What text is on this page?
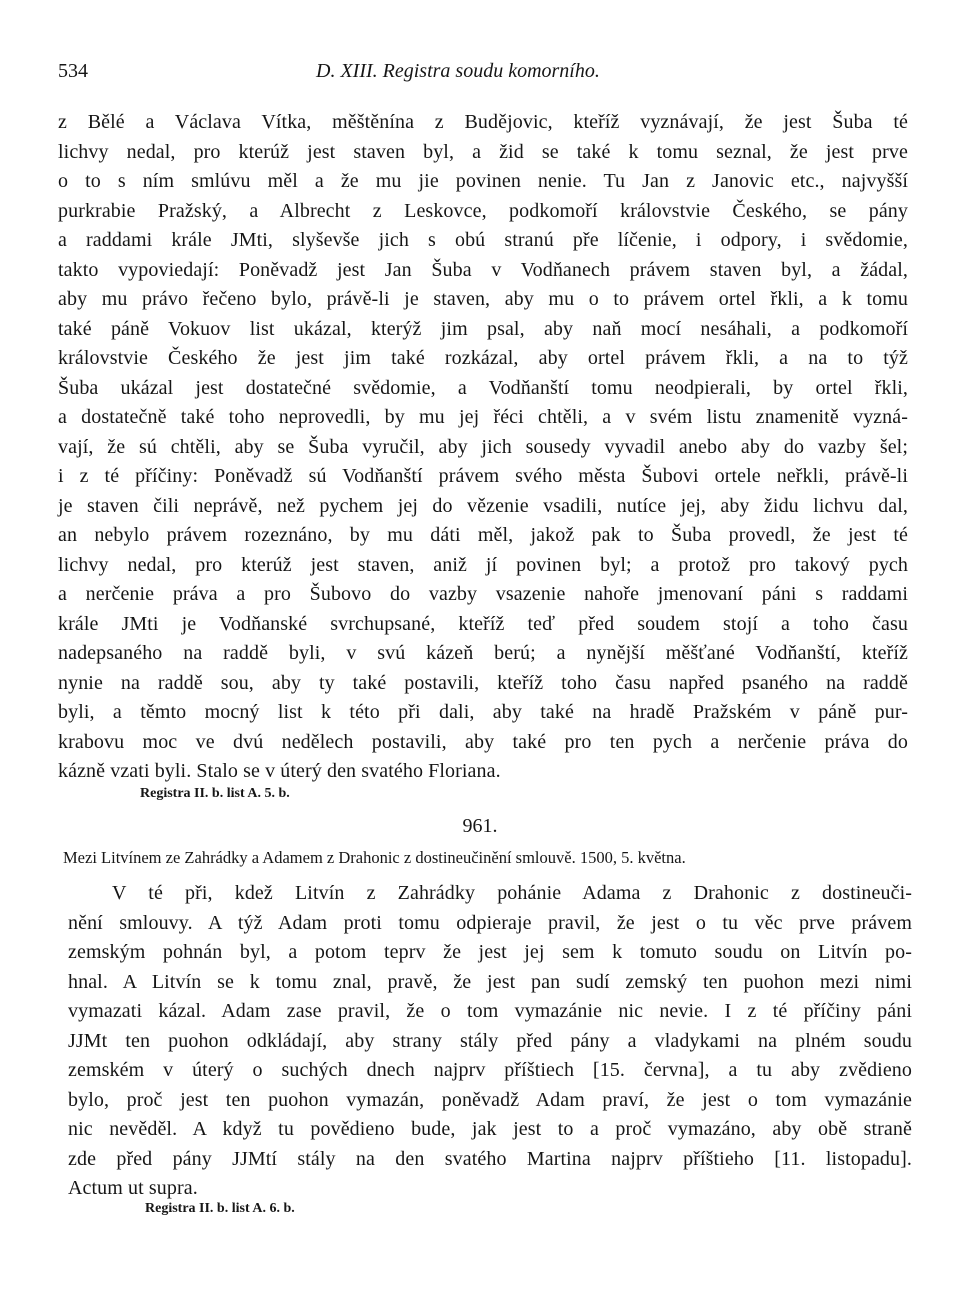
534	D. XIII. Registra soudu komorního.
z Bělé a Václava Vítka, měštěnína z Budějovic, kteříž vyznávají, že jest Šuba té
lichvy nedal, pro kterúž jest staven byl, a žid se také k tomu seznal, že jest prve
o to s ním smlúvu měl a že mu jie povinen nenie. Tu Jan z Janovic etc., najvyšší
purkrabie Pražský, a Albrecht z Leskovce, podkomoří královstvie Českého, se pány
a raddami krále JMti, slyševše jich s obú stranú pře líčenie, i odpory, i svědomie,
takto vypoviedají: Poněvadž jest Jan Šuba v Vodňanech právem staven byl, a žádal,
aby mu právo řečeno bylo, právě-li je staven, aby mu o to právem ortel řkli, a k tomu
také páně Vokuov list ukázal, kterýž jim psal, aby naň mocí nesáhali, a podkomoří
královstvie Českého že jest jim také rozkázal, aby ortel právem řkli, a na to týž
Šuba ukázal jest dostatečné svědomie, a Vodňanští tomu neodpierali, by ortel řkli,
a dostatečně také toho neprovedli, by mu jej řéci chtěli, a v svém listu znamenitě vyzná-
vají, že sú chtěli, aby se Šuba vyručil, aby jich sousedy vyvadil anebo aby do vazby šel;
i z té příčiny: Poněvadž sú Vodňanští právem svého města Šubovi ortele neřkli, právě-li
je staven čili neprávě, než pychem jej do vězenie vsadili, nutíce jej, aby židu lichvu dal,
an nebylo právem rozeznáno, by mu dáti měl, jakož pak to Šuba provedl, že jest té
lichvy nedal, pro kterúž jest staven, aniž jí povinen byl; a protož pro takový pych
a nerčenie práva a pro Šubovo do vazby vsazenie nahoře jmenovaní páni s raddami
krále JMti je Vodňanské svrchupsané, kteříž teď před soudem stojí a toho času
nadepsaného na raddě byli, v svú kázeň berú; a nynější měšťané Vodňanští, kteříž
nynie na raddě sou, aby ty také postavili, kteříž toho času napřed psaného na raddě
byli, a těmto mocný list k této při dali, aby také na hradě Pražském v páně pur-
krabovu moc ve dvú nedělech postavili, aby také pro ten pych a nerčenie práva do
kázně vzati byli. Stalo se v úterý den svatého Floriana.
Registra II. b. list A. 5. b.
961.
Mezi Litvínem ze Zahrádky a Adamem z Drahonic z dostineučinění smlouvě. 1500, 5. května.
V té při, kdež Litvín z Zahrádky pohánie Adama z Drahonic z dostineuči-
nění smlouvy. A týž Adam proti tomu odpieraje pravil, že jest o tu věc prve právem
zemským pohnán byl, a potom teprv že jest jej sem k tomuto soudu on Litvín po-
hnal. A Litvín se k tomu znal, pravě, že jest pan sudí zemský ten puohon mezi nimi
vymazati kázal. Adam zase pravil, že o tom vymazánie nic nevie. I z té příčiny páni
JJMt ten puohon odkládají, aby strany stály před pány a vladykami na plném soudu
zemském v úterý o suchých dnech najprv příštiech [15. června], a tu aby zvědieno
bylo, proč jest ten puohon vymazán, poněvadž Adam praví, že jest o tom vymazánie
nic nevěděl. A když tu povědieno bude, jak jest to a proč vymazáno, aby obě straně
zde před pány JJMtí stály na den svatého Martina najprv příštieho [11. listopadu].
Actum ut supra.
Registra II. b. list A. 6. b.
